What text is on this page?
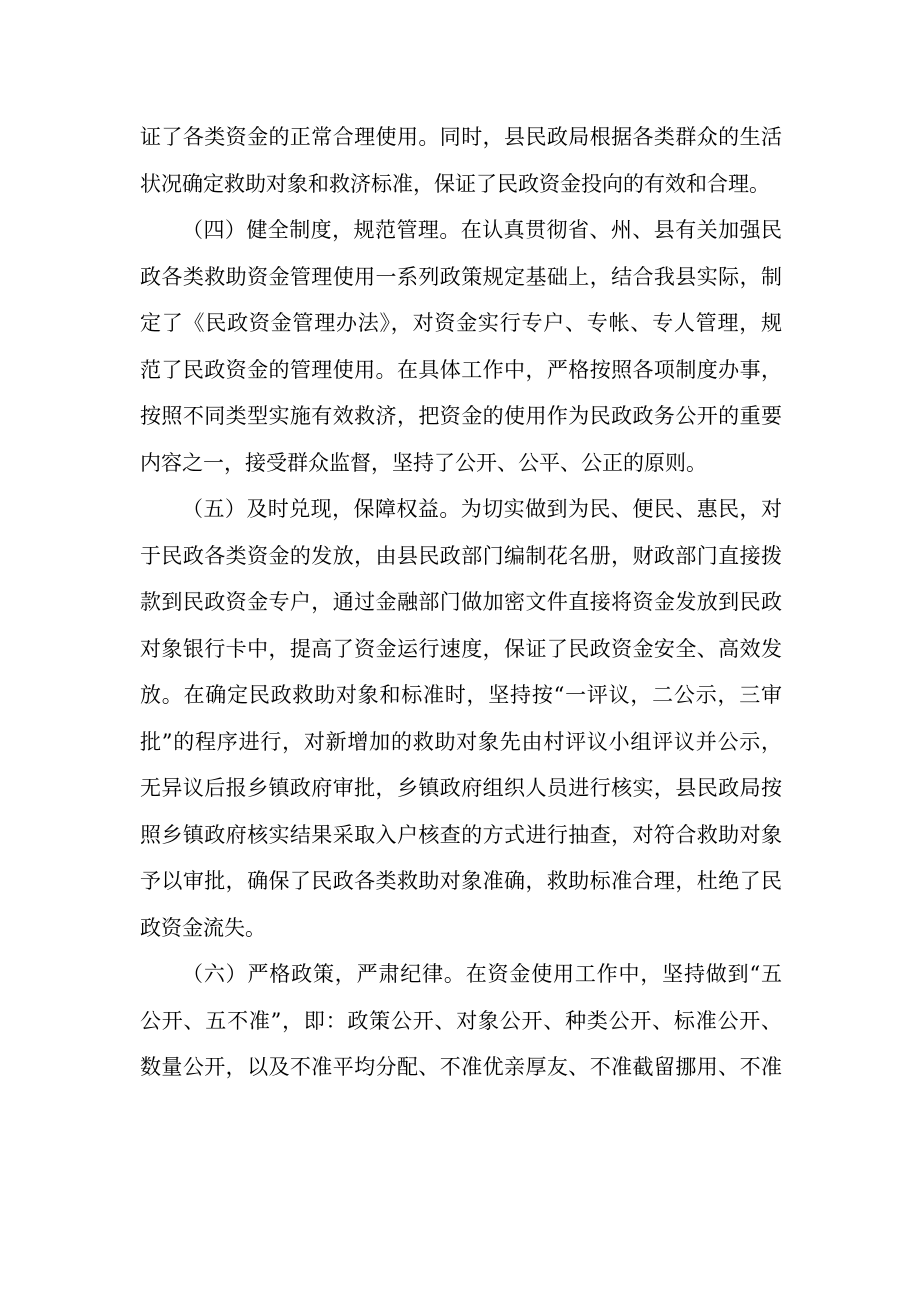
证了各类资金的正常合理使用。同时，县民政局根据各类群众的生活
状况确定救助对象和救济标准，保证了民政资金投向的有效和合理。
（四）健全制度，规范管理。在认真贯彻省、州、县有关加强民
政各类救助资金管理使用一系列政策规定基础上，结合我县实际，制
定了《民政资金管理办法》，对资金实行专户、专帐、专人管理，规
范了民政资金的管理使用。在具体工作中，严格按照各项制度办事，
按照不同类型实施有效救济，把资金的使用作为民政政务公开的重要
内容之一，接受群众监督，坚持了公开、公平、公正的原则。
（五）及时兑现，保障权益。为切实做到为民、便民、惠民，对
于民政各类资金的发放，由县民政部门编制花名册，财政部门直接拨
款到民政资金专户，通过金融部门做加密文件直接将资金发放到民政
对象银行卡中，提高了资金运行速度，保证了民政资金安全、高效发
放。在确定民政救助对象和标准时，坚持按“一评议，二公示，三审
批”的程序进行，对新增加的救助对象先由村评议小组评议并公示，
无异议后报乡镇政府审批，乡镇政府组织人员进行核实，县民政局按
照乡镇政府核实结果采取入户核查的方式进行抽查，对符合救助对象
予以审批，确保了民政各类救助对象准确，救助标准合理，杜绝了民
政资金流失。
（六）严格政策，严肃纪律。在资金使用工作中，坚持做到“五
公开、五不准”，即：政策公开、对象公开、种类公开、标准公开、
数量公开，以及不准平均分配、不准优亲厚友、不准截留挪用、不准
